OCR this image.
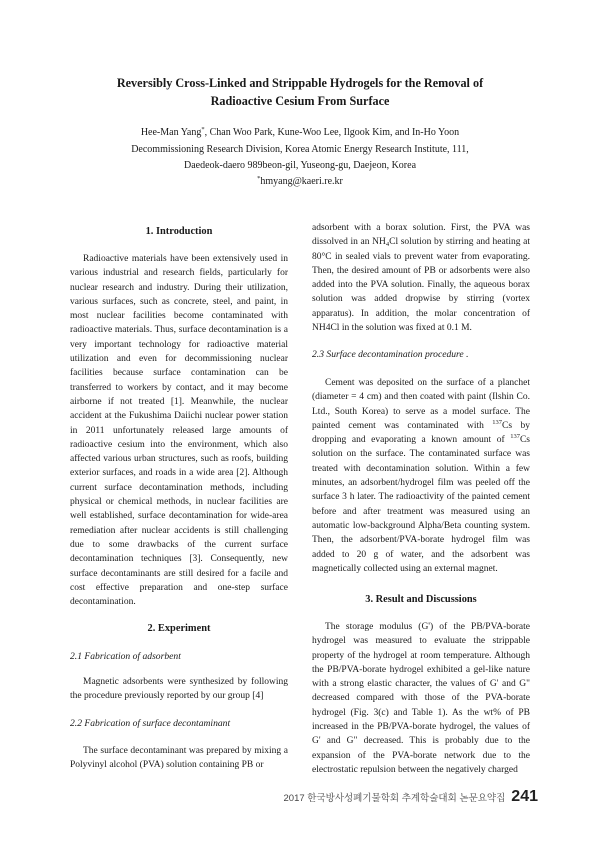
Reversibly Cross-Linked and Strippable Hydrogels for the Removal of
Radioactive Cesium From Surface
Hee-Man Yang*, Chan Woo Park, Kune-Woo Lee, Ilgook Kim, and In-Ho Yoon
Decommissioning Research Division, Korea Atomic Energy Research Institute, 111,
Daedeok-daero 989beon-gil, Yuseong-gu, Daejeon, Korea
*hmyang@kaeri.re.kr
1. Introduction
Radioactive materials have been extensively used in various industrial and research fields, particularly for nuclear research and industry. During their utilization, various surfaces, such as concrete, steel, and paint, in most nuclear facilities become contaminated with radioactive materials. Thus, surface decontamination is a very important technology for radioactive material utilization and even for decommissioning nuclear facilities because surface contamination can be transferred to workers by contact, and it may become airborne if not treated [1]. Meanwhile, the nuclear accident at the Fukushima Daiichi nuclear power station in 2011 unfortunately released large amounts of radioactive cesium into the environment, which also affected various urban structures, such as roofs, building exterior surfaces, and roads in a wide area [2]. Although current surface decontamination methods, including physical or chemical methods, in nuclear facilities are well established, surface decontamination for wide-area remediation after nuclear accidents is still challenging due to some drawbacks of the current surface decontamination techniques [3]. Consequently, new surface decontaminants are still desired for a facile and cost effective preparation and one-step surface decontamination.
2. Experiment
2.1 Fabrication of adsorbent
Magnetic adsorbents were synthesized by following the procedure previously reported by our group [4]
2.2 Fabrication of surface decontaminant
The surface decontaminant was prepared by mixing a Polyvinyl alcohol (PVA) solution containing PB or
adsorbent with a borax solution. First, the PVA was dissolved in an $NH_4Cl$ solution by stirring and heating at 80°C in sealed vials to prevent water from evaporating. Then, the desired amount of PB or adsorbents were also added into the PVA solution. Finally, the aqueous borax solution was added dropwise by stirring (vortex apparatus). In addition, the molar concentration of NH4Cl in the solution was fixed at 0.1 M.
2.3 Surface decontamination procedure .
Cement was deposited on the surface of a planchet (diameter = 4 cm) and then coated with paint (Ilshin Co. Ltd., South Korea) to serve as a model surface. The painted cement was contaminated with $^{137}$Cs by dropping and evaporating a known amount of $^{137}$Cs solution on the surface. The contaminated surface was treated with decontamination solution. Within a few minutes, an adsorbent/hydrogel film was peeled off the surface 3 h later. The radioactivity of the painted cement before and after treatment was measured using an automatic low-background Alpha/Beta counting system. Then, the adsorbent/PVA-borate hydrogel film was added to 20 g of water, and the adsorbent was magnetically collected using an external magnet.
3. Result and Discussions
The storage modulus (G') of the PB/PVA-borate hydrogel was measured to evaluate the strippable property of the hydrogel at room temperature. Although the PB/PVA-borate hydrogel exhibited a gel-like nature with a strong elastic character, the values of G' and G" decreased compared with those of the PVA-borate hydrogel (Fig. 3(c) and Table 1). As the wt% of PB increased in the PB/PVA-borate hydrogel, the values of G' and G" decreased. This is probably due to the expansion of the PVA-borate network due to the electrostatic repulsion between the negatively charged
2017 한국방사성폐기물학회 추계학술대회 논문요약집 241
